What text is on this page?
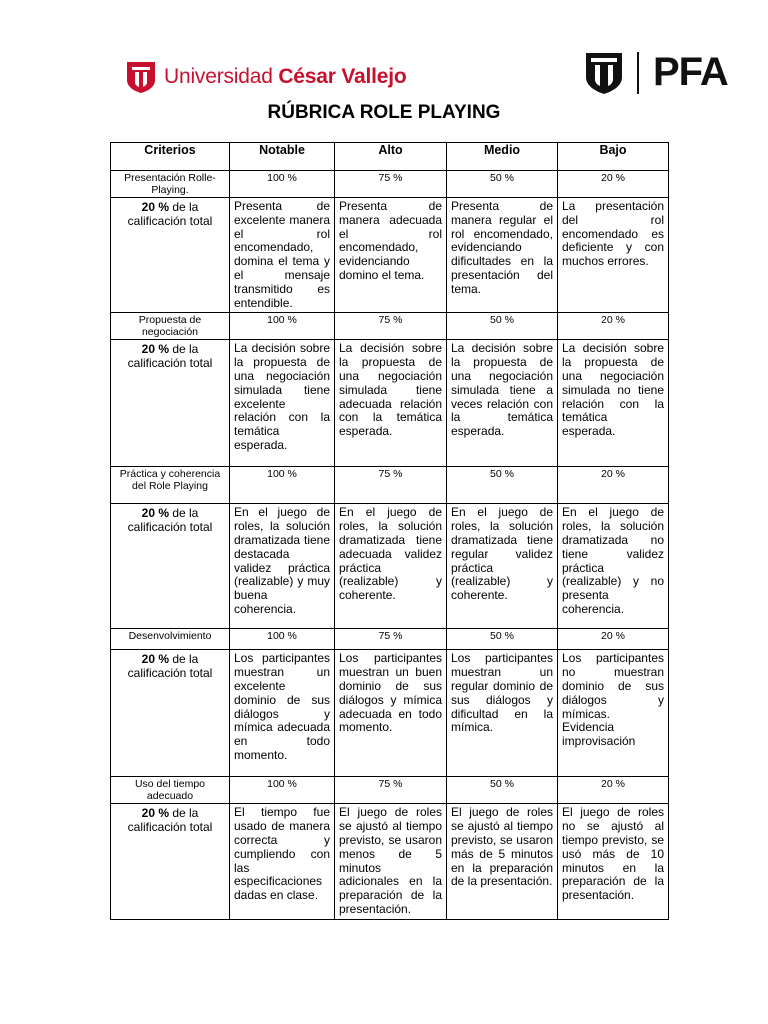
Universidad César Vallejo	PFA
RÚBRICA ROLE PLAYING
Criterios	Notable	Alto	Medio	Bajo
Presentación Rolle-Playing.	100 %	75 %	50 %	20 %
20 % de la calificación total	Presenta de excelente manera el rol encomendado, domina el tema y el mensaje transmitido es entendible.	Presenta de manera adecuada el rol encomendado, evidenciando domino el tema.	Presenta de manera regular el rol encomendado, evidenciando dificultades en la presentación del tema.	La presentación del rol encomendado es deficiente y con muchos errores.
Propuesta de negociación	100 %	75 %	50 %	20 %
20 % de la calificación total	La decisión sobre la propuesta de una negociación simulada tiene excelente relación con la temática esperada.	La decisión sobre la propuesta de una negociación simulada tiene adecuada relación con la temática esperada.	La decisión sobre la propuesta de una negociación simulada tiene a veces relación con la temática esperada.	La decisión sobre la propuesta de una negociación simulada no tiene relación con la temática esperada.
Práctica y coherencia del Role Playing	100 %	75 %	50 %	20 %
20 % de la calificación total	En el juego de roles, la solución dramatizada tiene destacada validez práctica (realizable) y muy buena coherencia.	En el juego de roles, la solución dramatizada tiene adecuada validez práctica (realizable) y coherente.	En el juego de roles, la solución dramatizada tiene regular validez práctica (realizable) y coherente.	En el juego de roles, la solución dramatizada no tiene validez práctica (realizable) y no presenta coherencia.
Desenvolvimiento	100 %	75 %	50 %	20 %
20 % de la calificación total	Los participantes muestran un excelente dominio de sus diálogos y mímica adecuada en todo momento.	Los participantes muestran un buen dominio de sus diálogos y mímica adecuada en todo momento.	Los participantes muestran un regular dominio de sus diálogos y dificultad en la mímica.	Los participantes no muestran dominio de sus diálogos y mímicas. Evidencia improvisación
Uso del tiempo adecuado	100 %	75 %	50 %	20 %
20 % de la calificación total	El tiempo fue usado de manera correcta y cumpliendo con las especificaciones dadas en clase.	El juego de roles se ajustó al tiempo previsto, se usaron menos de 5 minutos adicionales en la preparación de la presentación.	El juego de roles se ajustó al tiempo previsto, se usaron más de 5 minutos en la preparación de la presentación.	El juego de roles no se ajustó al tiempo previsto, se usó más de 10 minutos en la preparación de la presentación.
